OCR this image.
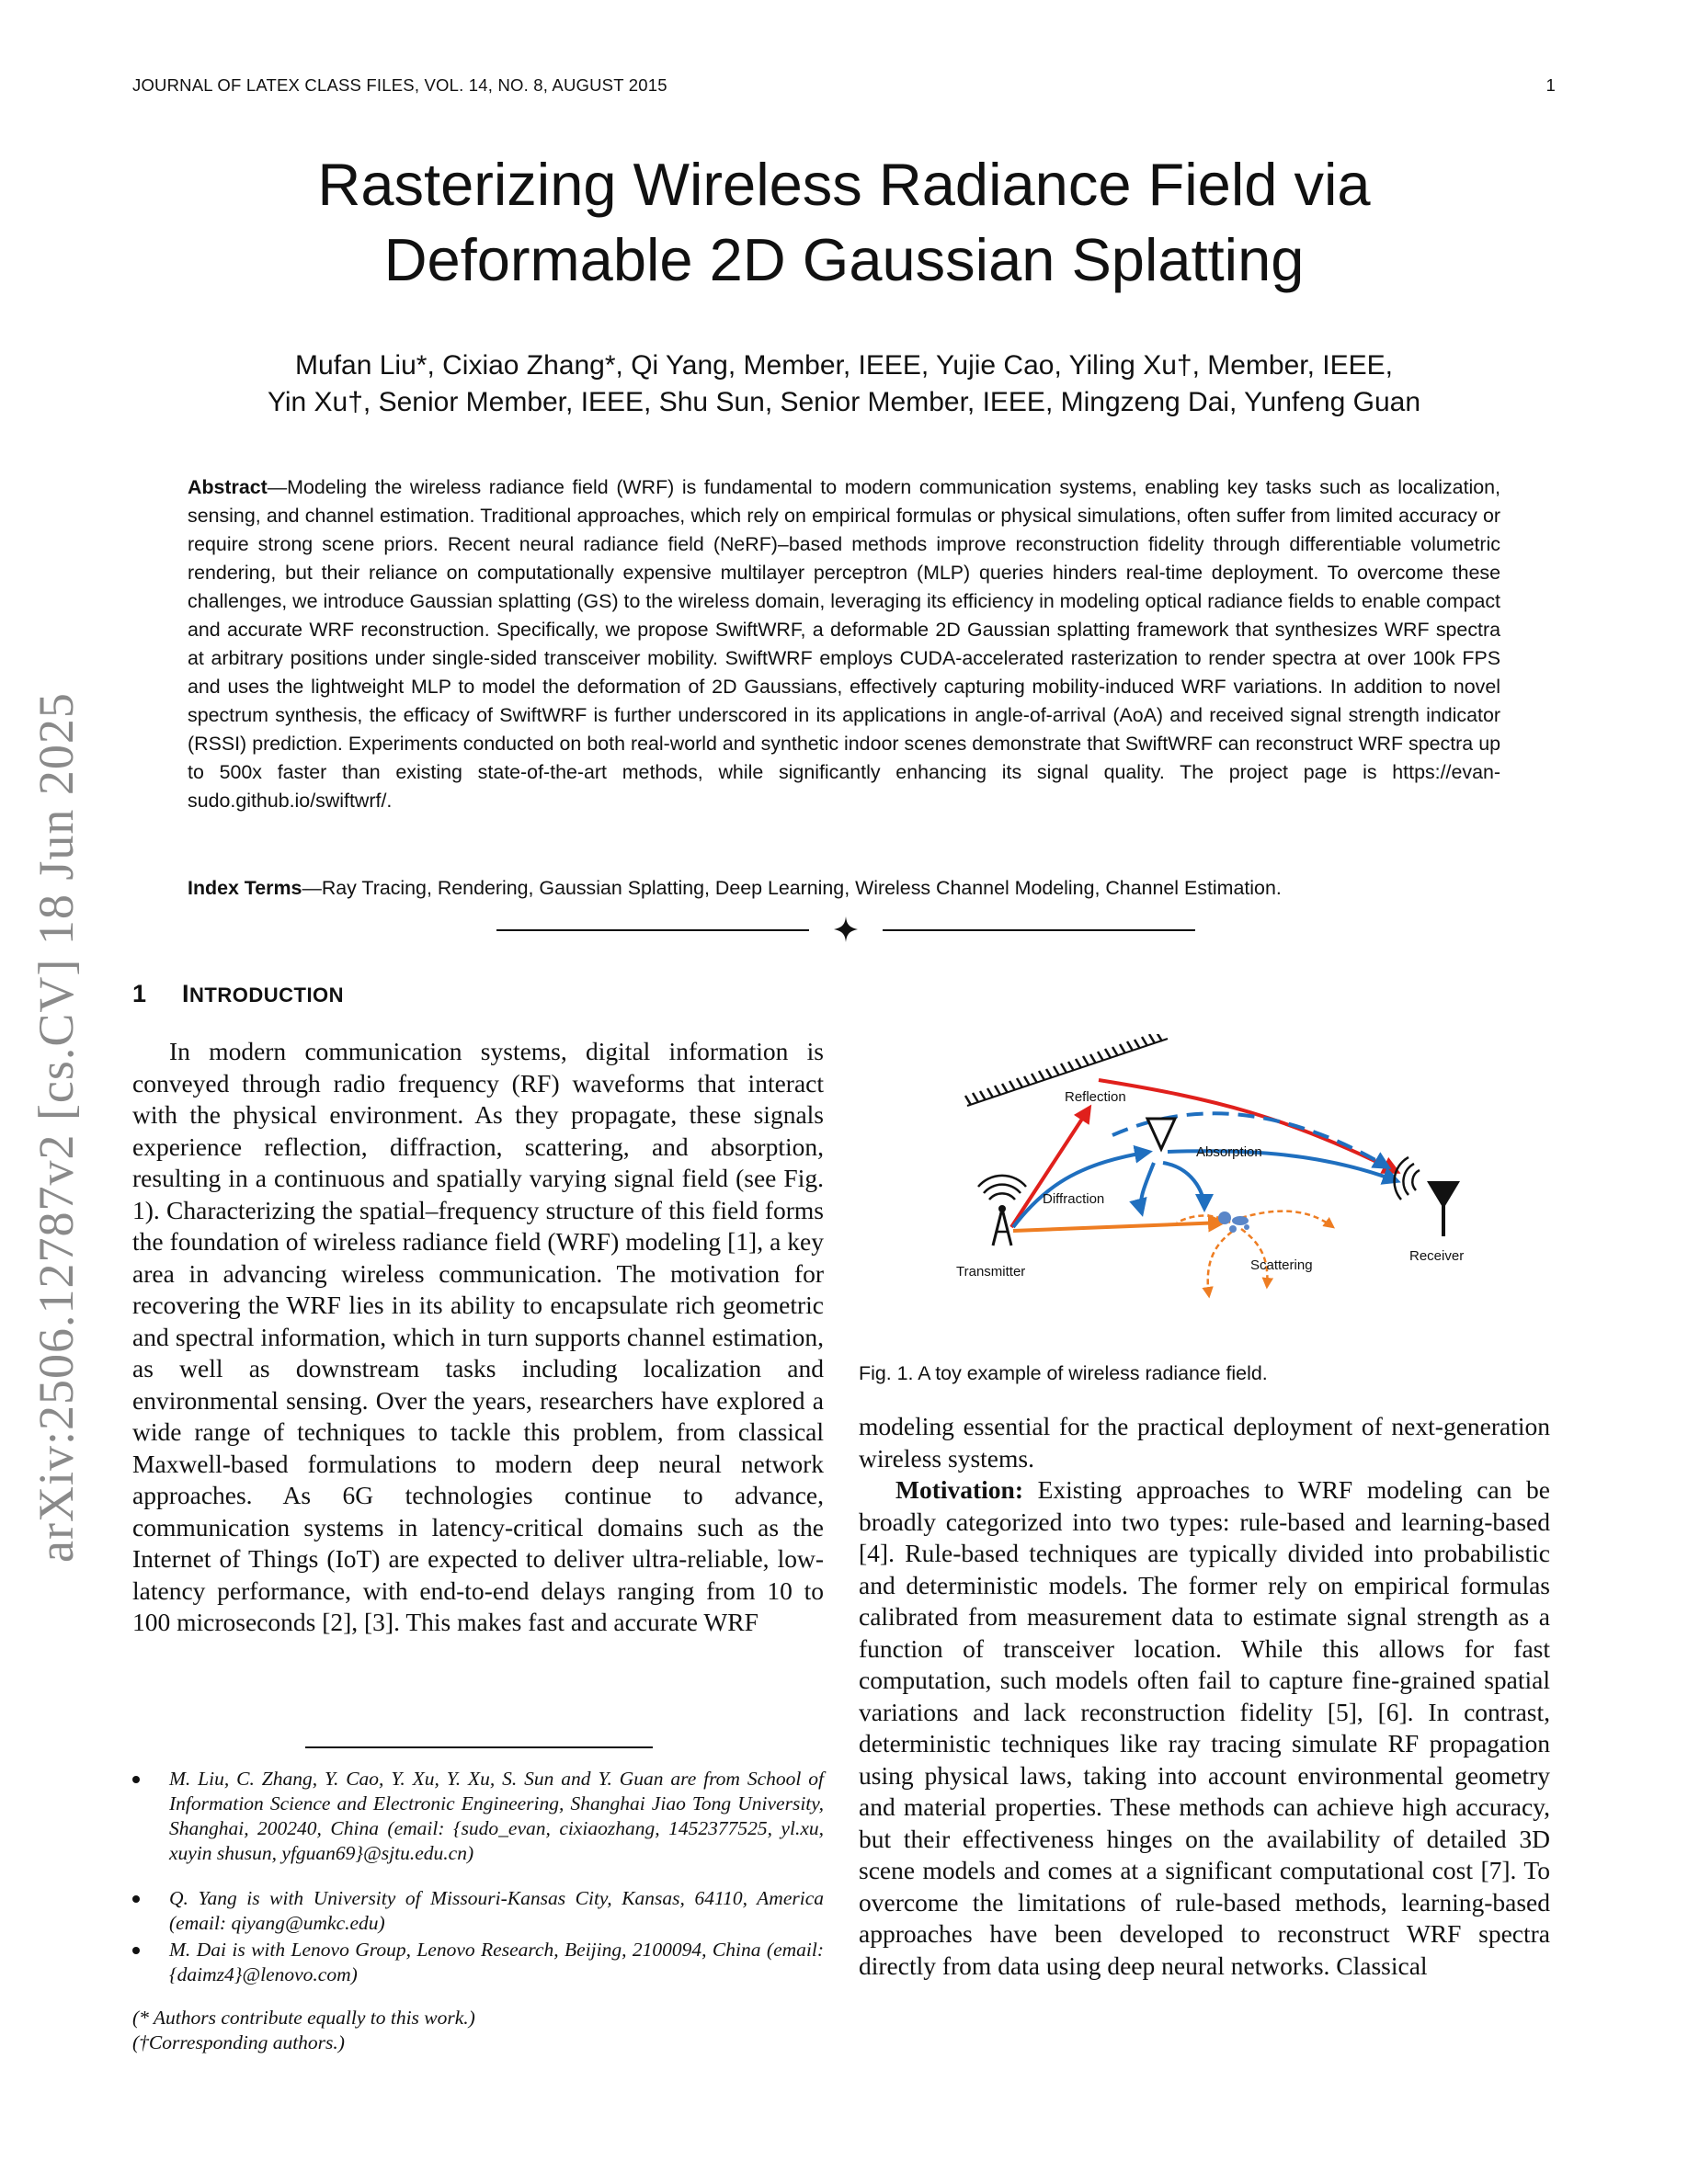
JOURNAL OF LATEX CLASS FILES, VOL. 14, NO. 8, AUGUST 2015	1
Rasterizing Wireless Radiance Field via
Deformable 2D Gaussian Splatting

Mufan Liu*, Cixiao Zhang*, Qi Yang, Member, IEEE, Yujie Cao, Yiling Xu†, Member, IEEE,

Yin Xu†, Senior Member, IEEE, Shu Sun, Senior Member, IEEE, Mingzeng Dai, Yunfeng Guan

Abstract—Modeling the wireless radiance field (WRF) is fundamental to modern communication systems, enabling key tasks such as localization, sensing, and channel estimation. Traditional approaches, which rely on empirical formulas or physical simulations, often suffer from limited accuracy or require strong scene priors. Recent neural radiance field (NeRF)–based methods improve reconstruction fidelity through differentiable volumetric rendering, but their reliance on computationally expensive multilayer perceptron (MLP) queries hinders real-time deployment. To overcome these challenges, we introduce Gaussian splatting (GS) to the wireless domain, leveraging its efficiency in modeling optical radiance fields to enable compact and accurate WRF reconstruction. Specifically, we propose SwiftWRF, a deformable 2D Gaussian splatting framework that synthesizes WRF spectra at arbitrary positions under single-sided transceiver mobility. SwiftWRF employs CUDA-accelerated rasterization to render spectra at over 100k FPS and uses the lightweight MLP to model the deformation of 2D Gaussians, effectively capturing mobility-induced WRF variations. In addition to novel spectrum synthesis, the efficacy of SwiftWRF is further underscored in its applications in angle-of-arrival (AoA) and received signal strength indicator (RSSI) prediction. Experiments conducted on both real-world and synthetic indoor scenes demonstrate that SwiftWRF can reconstruct WRF spectra up to 500x faster than existing state-of-the-art methods, while significantly enhancing its signal quality. The project page is https://evan-sudo.github.io/swiftwrf/.

Index Terms—Ray Tracing, Rendering, Gaussian Splatting, Deep Learning, Wireless Channel Modeling, Channel Estimation.

arXiv:2506.12787v2 [cs.CV] 18 Jun 2025	1 INTRODUCTION

In modern communication systems, digital information is conveyed through radio frequency (RF) waveforms that interact with the physical environment. As they propagate, these signals experience reflection, diffraction, scattering, and absorption, resulting in a continuous and spatially varying signal field (see Fig. 1). Characterizing the spatial–frequency structure of this field forms the foundation of wireless radiance field (WRF) modeling [1], a key area in advancing wireless communication. The motivation for recovering the WRF lies in its ability to encapsulate rich geometric and spectral information, which in turn supports channel estimation, as well as downstream tasks including localization and environmental sensing. Over the years, researchers have explored a wide range of techniques to tackle this problem, from classical Maxwell-based formulations to modern deep neural network approaches. As 6G technologies continue to advance, communication systems in latency-critical domains such as the Internet of Things (IoT) are expected to deliver ultra-reliable, low-latency performance, with end-to-end delays ranging from 10 to 100 microseconds [2], [3]. This makes fast and accurate WRF

Reflection
Absorption
Diffraction
Scattering
Transmitter
Receiver

Fig. 1. A toy example of wireless radiance field.

modeling essential for the practical deployment of next-generation wireless systems.

Motivation: Existing approaches to WRF modeling can be broadly categorized into two types: rule-based and learning-based [4]. Rule-based techniques are typically divided into probabilistic and deterministic models. The former rely on empirical formulas calibrated from measurement data to estimate signal strength as a function of transceiver location. While this allows for fast computation, such models often fail to capture fine-grained spatial variations and lack reconstruction fidelity [5], [6]. In contrast, deterministic techniques like ray tracing simulate RF propagation using physical laws, taking into account environmental geometry and material properties. These methods can achieve high accuracy, but their effectiveness hinges on the availability of detailed 3D scene models and comes at a significant computational cost [7]. To overcome the limitations of rule-based methods, learning-based approaches have been developed to reconstruct WRF spectra directly from data using deep neural networks. Classical

M. Liu, C. Zhang, Y. Cao, Y. Xu, Y. Xu, S. Sun and Y. Guan are from School of Information Science and Electronic Engineering, Shanghai Jiao Tong University, Shanghai, 200240, China (email: {sudo_evan, cixiaozhang, 1452377525, yl.xu, xuyin shusun, yfguan69}@sjtu.edu.cn)

Q. Yang is with University of Missouri-Kansas City, Kansas, 64110, America (email: qiyang@umkc.edu)

M. Dai is with Lenovo Group, Lenovo Research, Beijing, 2100094, China (email: {daimz4}@lenovo.com)

(* Authors contribute equally to this work.)

(†Corresponding authors.)
